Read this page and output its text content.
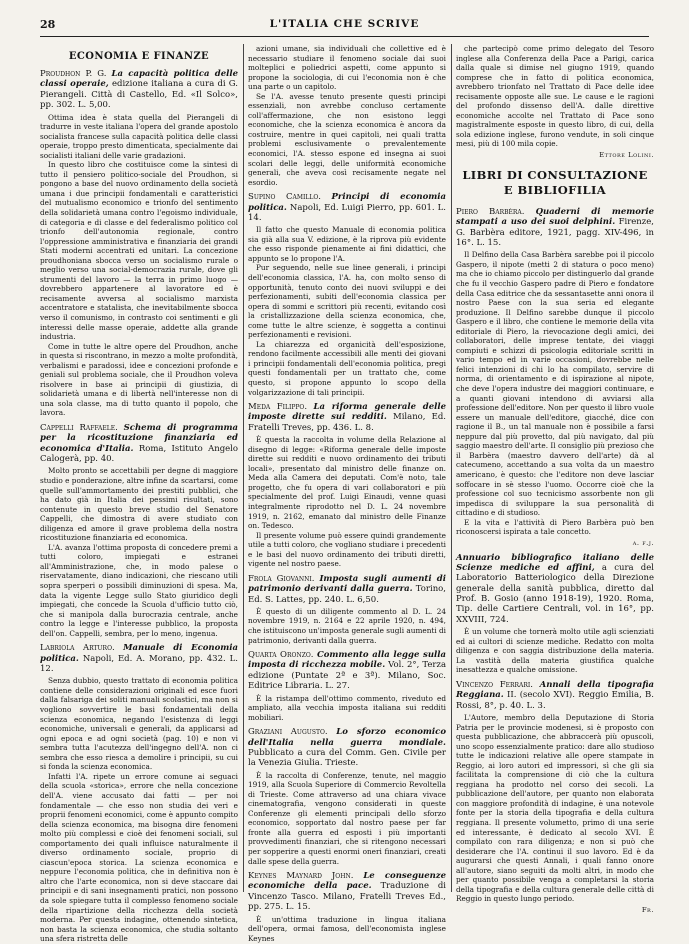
28	L'ITALIA CHE SCRIVE
ECONOMIA E FINANZE
Proudhon P. G. La capacità politica delle classi operaie, edizione italiana a cura di G. Pierangeli. Città di Castello, Ed. «Il Solco», pp. 302. L. 5,00.

Ottima idea è stata quella del Pierangeli di tradurre in veste italiana l'opera del grande apostolo socialista francese sulla capacità politica delle classi operaie, troppo presto dimenticata, specialmente dai socialisti italiani delle varie gradazioni.

In questo libro che costituisce come la sintesi di tutto il pensiero politico-sociale del Proudhon, si pongono a base del nuovo ordinamento della società umana i due principii fondamentali e caratteristici del mutualismo economico e trionfo del sentimento della solidarietà umana contro l'egoismo individuale, di categoria e di classe e del federalismo politico col trionfo dell'autonomia regionale, contro l'oppressione amministrativa e finanziaria dei grandi Stati moderni accentrati ed unitari. La concezione proudhoniana sbocca verso un socialismo rurale o meglio verso una social-democrazia rurale, dove gli strumenti del lavoro — la terra in primo luogo — dovrebbero appartenere al lavoratore ed è recisamente avversa al socialismo marxista accentratore e statalista, che inevitabilmente sbocca verso il comunismo, in contrasto coi sentimenti e gli interessi delle masse operaie, addette alla grande industria.

Come in tutte le altre opere del Proudhon, anche in questa si riscontrano, in mezzo a molte profondità, verbalismi e paradossi, idee e concezioni profonde e geniali sul problema sociale, che il Proudhon voleva risolvere in base ai principii di giustizia, di solidarietà umana e di libertà nell'interesse non di una sola classe, ma di tutto quanto il popolo, che lavora.

Cappelli Raffaele. Schema di programma per la ricostituzione finanziaria ed economica d'Italia. Roma, Istituto Angelo Calogerà, pp. 40.

Molto pronto se accettabili per degne di maggiore studio e ponderazione, altre infine da scartarsi, come quelle sull'ammortamento dei prestiti pubblici, che ha dato già in Italia dei pessimi risultati, sono contenute in questo breve studio del Senatore Cappelli, che dimostra di avere studiato con diligenza ed amore il grave problema della nostra ricostituzione finanziaria ed economica.

L'A. avanza l'ottima proposta di concedere premi a tutti coloro, impiegati e estranei all'Amministrazione, che, in modo palese o riservatamente, diano indicazioni, che riescano utili sopra sperperi o possibili diminuzioni di spesa. Ma, data la vigente Legge sullo Stato giuridico degli impiegati, che concede la Scuola d'ufficio tutto ciò, che si manipola dalla burocrazia centrale, anche contro la legge e l'interesse pubblico, la proposta dell'on. Cappelli, sembra, per lo meno, ingenua.

Labriola Arturo. Manuale di Economia politica. Napoli, Ed. A. Morano, pp. 432. L. 12.

Senza dubbio, questo trattato di economia politica contiene delle considerazioni originali ed esce fuori dalla falsariga dei soliti manuali scolastici, ma non si vogliono sovvertire le basi fondamentali della scienza economica, negando l'esistenza di leggi economiche, universali e generali, da applicarsi ad ogni epoca e ad ogni società (pag. 10) e non vi sembra tutta l'acutezza dell'ingegno dell'A. non ci sembra che esso riesca a demolire i principii, su cui si fonda la scienza economica.

Infatti l'A. ripete un errore comune ai seguaci della scuola «storica», errore che nella concezione dell'A. viene accusato dai fatti — per noi fondamentale — che esso non studia dei veri e proprii fenomeni economici, come è appunto compito della scienza economica, ma bisogna dire fenomeni molto più complessi e cioè dei fenomeni sociali, sul comportamento dei quali influisce naturalmente il diverso ordinamento sociale, proprio di ciascun'epoca storica. La scienza economica e neppure l'economia politica, che in definitiva non è altro che l'arte economica, non si deve staccare dai principii e di sani insegnamenti pratici, non possono da sole spiegare tutta il complesso fenomeno sociale della ripartizione della ricchezza della società moderna. Per questa indagine, ottenendo sintetica, non basta la scienza economica, che studia soltanto una sfera ristretta delle

azioni umane, sia individuali che collettive ed è necessario studiare il fenomeno sociale dai suoi molteplici e poliedrici aspetti, come appunto si propone la sociologia, di cui l'economia non è che una parte o un capitolo.

Se l'A. avesse tenuto presente questi principi essenziali, non avrebbe concluso certamente coll'affermazione, che non esistono leggi economiche, che la scienza economica è ancora da costruire, mentre in quei capitoli, nei quali tratta problemi esclusivamente o prevalentemente economici, l'A. stesso espone ed insegna ai suoi scolari delle leggi, delle uniformità economiche generali, che aveva così recisamente negate nel esordio.

Supino Camillo. Principi di economia politica. Napoli, Ed. Luigi Pierro, pp. 601. L. 14.

Il fatto che questo Manuale di economia politica sia già alla sua V. edizione, è la riprova più evidente che esso risponde pienamente ai fini didattici, che appunto se lo propone l'A.

Pur seguendo, nelle sue linee generali, i principi dell'economia classica, l'A. ha, con molto senso di opportunità, tenuto conto dei nuovi sviluppi e dei perfezionamenti, subiti dell'economia classica per opera di sommi e scrittori più recenti, evitando così la cristallizzazione della scienza economica, che, come tutte le altre scienze, è soggetta a continui perfezionamenti e revisioni.

La chiarezza ed organicità dell'esposizione, rendono facilmente accessibili alle menti dei giovani i principii fondamentali dell'economia politica, pregi questi fondamentali per un trattato che, come questo, si propone appunto lo scopo della volgarizzazione di tali principii.

Meda Filippo. La riforma generale delle imposte dirette sui redditi. Milano, Ed. Fratelli Treves, pp. 436. L. 8.

È questa la raccolta in volume della Relazione al disegno di legge: «Riforma generale delle imposte dirette sui redditi e nuovo ordinamento dei tributi locali», presentato dal ministro delle finanze on. Meda alla Camera dei deputati. Com'è noto, tale progetto, che fu opera di vari collaboratori e più specialmente del prof. Luigi Einaudi, venne quasi integralmente riprodotto nel D. L. 24 novembre 1919, n. 2162, emanato dal ministro delle Finanze on. Tedesco.

Il presente volume può essere quindi grandemente utile a tutti coloro, che vogliano studiare i precedenti e le basi del nuovo ordinamento dei tributi diretti, vigente nel nostro paese.

Frola Giovanni. Imposta sugli aumenti di patrimonio derivanti dalla guerra. Torino, Ed. S. Lattes, pp. 240. L. 6,50.

È questo di un diligente commento al D. L. 24 novembre 1919, n. 2164 e 22 aprile 1920, n. 494, che istituiscono un'imposta generale sugli aumenti di patrimonio, derivanti dalla guerra.

Quarta Oronzo. Commento alla legge sulla imposta di ricchezza mobile. Vol. 2°, Terza edizione (Puntate 2ª e 3ª). Milano, Soc. Editrice Libraria. L. 27.

È la ristampa dell'ottimo commento, riveduto ed ampliato, alla vecchia imposta italiana sui redditi mobiliari.

Graziani Augusto. Lo sforzo economico dell'Italia nella guerra mondiale. Pubblicato a cura del Comm. Gen. Civile per la Venezia Giulia. Trieste.

È la raccolta di Conferenze, tenute, nel maggio 1919, alla Scuola Superiore di Commercio Revoltella di Trieste. Come attraverso ad una chiara vivace cinematografia, vengono considerati in queste Conferenze gli elementi principali dello sforzo economico, sopportato dal nostro paese per far fronte alla guerra ed esposti i più importanti provvedimenti finanziari, che si ritengono necessari per sopperire a questi enormi oneri finanziari, creati dalle spese della guerra.

Keynes Maynard John. Le conseguenze economiche della pace. Traduzione di Vincenzo Tasco. Milano, Fratelli Treves Ed., pp. 275. L. 15.

È un'ottima traduzione in lingua italiana dell'opera, ormai famosa, dell'economista inglese Keynes

che partecipò come primo delegato del Tesoro inglese alla Conferenza della Pace a Parigi, carica dalla quale si dimise nel giugno 1919, quando comprese che in fatto di politica economica, avrebbero trionfato nel Trattato di Pace delle idee recisamente opposte alle sue. Le cause e le ragioni del profondo dissenso dell'A. dalle direttive economiche accolte nel Trattato di Pace sono magistralmente esposte in questo libro, di cui, della sola edizione inglese, furono vendute, in soli cinque mesi, più di 100 mila copie.

Ettore Lolini.
LIBRI DI CONSULTAZIONE E BIBLIOFILIA
Piero Barbèra. Quaderni di memorie stampati a uso dei suoi delphini. Firenze, G. Barbèra editore, 1921, pagg. XIV-496, in 16°. L. 15.

Il Delfino della Casa Barbèra sarebbe poi il piccolo Gaspero, il nipote (metti 2 di statura o poco meno) ma che io chiamo piccolo per distinguerlo dal grande che fu il vecchio Gaspero padre di Piero e fondatore della Casa editrice che da sessantasette anni onora il nostro Paese con la sua seria ed elegante produzione. Il Delfino sarebbe dunque il piccolo Gaspero e il libro, che contiene le memorie della vita editoriale di Piero, la rievocazione degli amici, dei collaboratori, delle imprese tentate, dei viaggi compiuti e schizzi di psicologia editoriale scritti in vario tempo ed in varie occasioni, dovrebbe nelle felici intenzioni di chi lo ha compilato, servire di norma, di orientamento e di ispirazione al nipote, che deve l'opera industre dei maggiori continuare, e a quanti giovani intendono di avviarsi alla professione dell'editore. Non per questo il libro vuole essere un manuale dell'editore, giacché, dice con ragione il B., un tal manuale non è possibile a farsi neppure dal più provetto, dal più navigato, dal più saggio maestro dell'arte. Il consiglio più prezioso che il Barbèra (maestro davvero dell'arte) dà al catecumeno, accettando a sua volta da un maestro americano, è questo: che l'editore non deve lasciar soffocare in sè stesso l'uomo. Occorre cioè che la professione col suo tecnicismo assorbente non gli impedisca di sviluppare la sua personalità di cittadino e di studioso.

E la vita e l'attività di Piero Barbèra può ben riconoscersi ispirata a tale concetto.

a. f.j.
Annuario bibliografico italiano delle Scienze mediche ed affini, a cura del Laboratorio Batteriologico della Direzione generale della sanità pubblica, diretto dal Prof. B. Gosio (anno 1918-19), 1920. Roma, Tip. delle Cartiere Centrali, vol. in 16°, pp. XXVIII, 724.

È un volume che tornerà molto utile agli scienziati ed ai cultori di scienze mediche. Redatto con molta diligenza e con saggia distribuzione della materia. La vastità della materia giustifica qualche inesattezza e qualche omissione.

Vincenzo Ferrari. Annali della tipografia Reggiana. II. (secolo XVI). Reggio Emilia, B. Rossi, 8°, p. 40. L. 3.

L'Autore, membro della Deputazione di Storia Patria per le provincie modenesi, si è proposto con questa pubblicazione, che abbraccerà più opuscoli, uno scopo essenzialmente pratico: dare allo studioso tutte le indicazioni relative alle opere stampate in Reggio, ai loro autori ed impressori, sì che gli sia facilitata la comprensione di ciò che la cultura reggiana ha prodotto nel corso dei secoli. La pubblicazione dell'autore, per quanto non elaborata con maggiore profondità di indagine, è una notevole fonte per la storia della tipografia e della cultura reggiana. Il presente volumetto, primo di una serie ed interessante, è dedicato al secolo XVI. È compilato con rara diligenza; e non si può che desiderare che l'A. continui il suo lavoro. Ed è da augurarsi che questi Annali, i quali fanno onore all'autore, siano seguiti da molti altri, in modo che per quanto possibile venga a completarsi la storia della tipografia e della cultura generale delle città di Reggio in questo lungo periodo.

Fr.
